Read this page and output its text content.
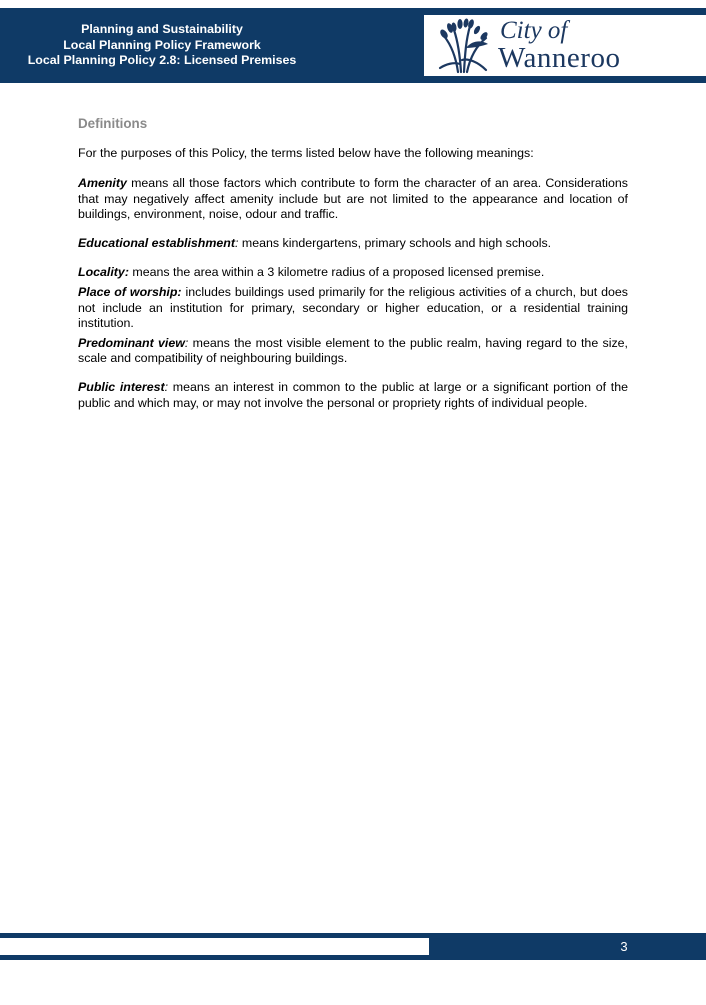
Planning and Sustainability
Local Planning Policy Framework
Local Planning Policy 2.8: Licensed Premises
City of
Wanneroo
Definitions
For the purposes of this Policy, the terms listed below have the following meanings:
Amenity means all those factors which contribute to form the character of an area. Considerations that may negatively affect amenity include but are not limited to the appearance and location of buildings, environment, noise, odour and traffic.
Educational establishment: means kindergartens, primary schools and high schools.
Locality: means the area within a 3 kilometre radius of a proposed licensed premise.
Place of worship: includes buildings used primarily for the religious activities of a church, but does not include an institution for primary, secondary or higher education, or a residential training institution.
Predominant view: means the most visible element to the public realm, having regard to the size, scale and compatibility of neighbouring buildings.
Public interest: means an interest in common to the public at large or a significant portion of the public and which may, or may not involve the personal or propriety rights of individual people.
3
